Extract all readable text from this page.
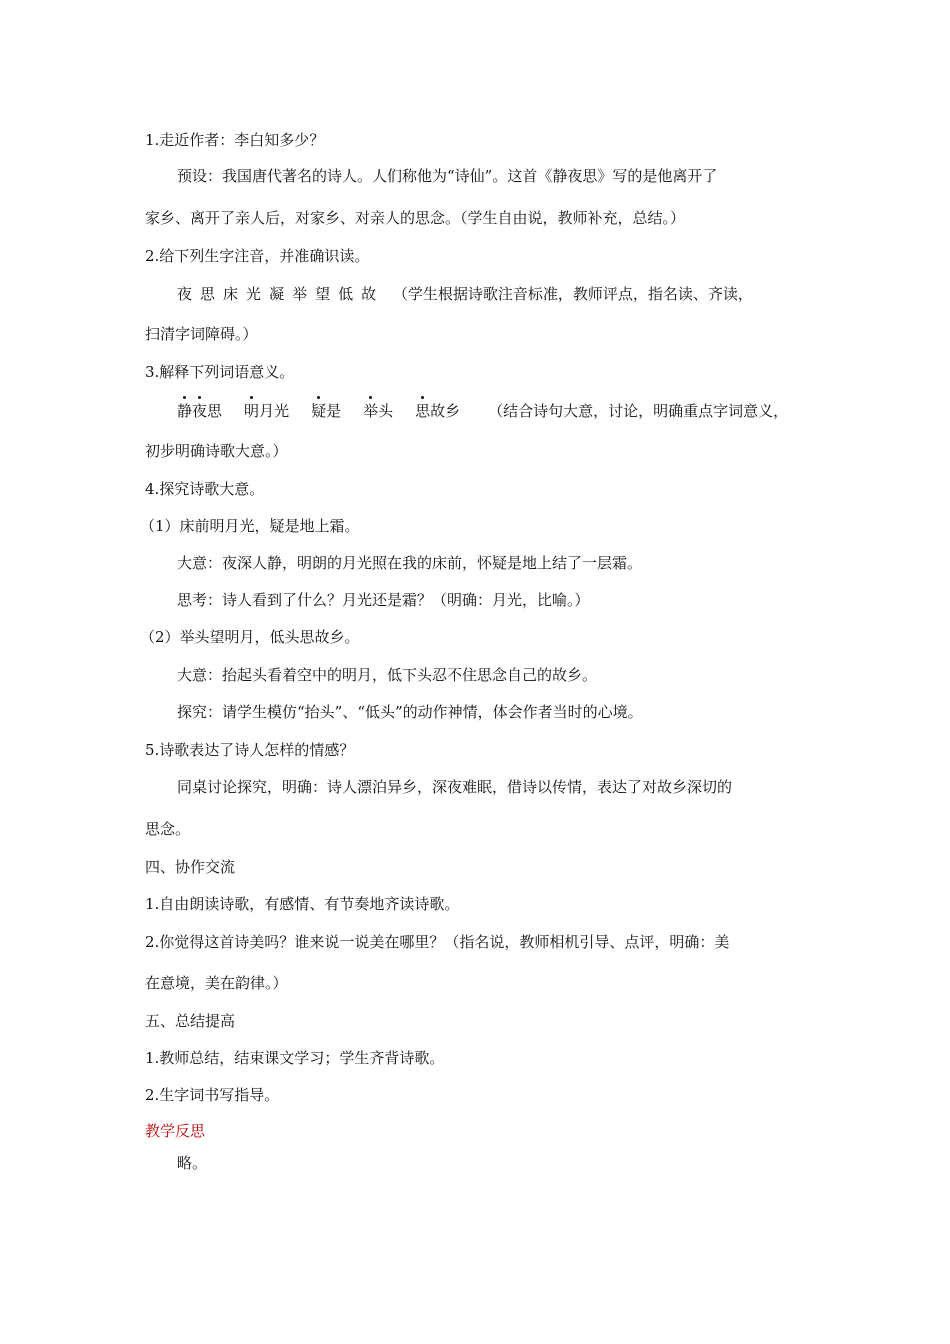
1.走近作者：李白知多少？
预设：我国唐代著名的诗人。人们称他为“诗仙”。这首《静夜思》写的是他离开了
家乡、离开了亲人后，对家乡、对亲人的思念。（学生自由说，教师补充，总结。）
2.给下列生字注音，并准确识读。
夜 思 床 光 凝 举 望 低 故 （学生根据诗歌注音标准，教师评点，指名读、齐读，
扫清字词障碍。）
3.解释下列词语意义。
静夜思 明月光 疑是 举头 思故乡 （结合诗句大意，讨论，明确重点字词意义，
初步明确诗歌大意。）
4.探究诗歌大意。
（1）床前明月光，疑是地上霜。
大意：夜深人静，明朗的月光照在我的床前，怀疑是地上结了一层霜。
思考：诗人看到了什么？月光还是霜？（明确：月光，比喻。）
（2）举头望明月，低头思故乡。
大意：抬起头看着空中的明月，低下头忍不住思念自己的故乡。
探究：请学生模仿“抬头”、“低头”的动作神情，体会作者当时的心境。
5.诗歌表达了诗人怎样的情感？
同桌讨论探究，明确：诗人漂泊异乡，深夜难眠，借诗以传情，表达了对故乡深切的
思念。
四、协作交流
1.自由朗读诗歌，有感情、有节奏地齐读诗歌。
2.你觉得这首诗美吗？谁来说一说美在哪里？（指名说，教师相机引导、点评，明确：美
在意境，美在韵律。）
五、总结提高
1.教师总结，结束课文学习；学生齐背诗歌。
2.生字词书写指导。
教学反思
略。
